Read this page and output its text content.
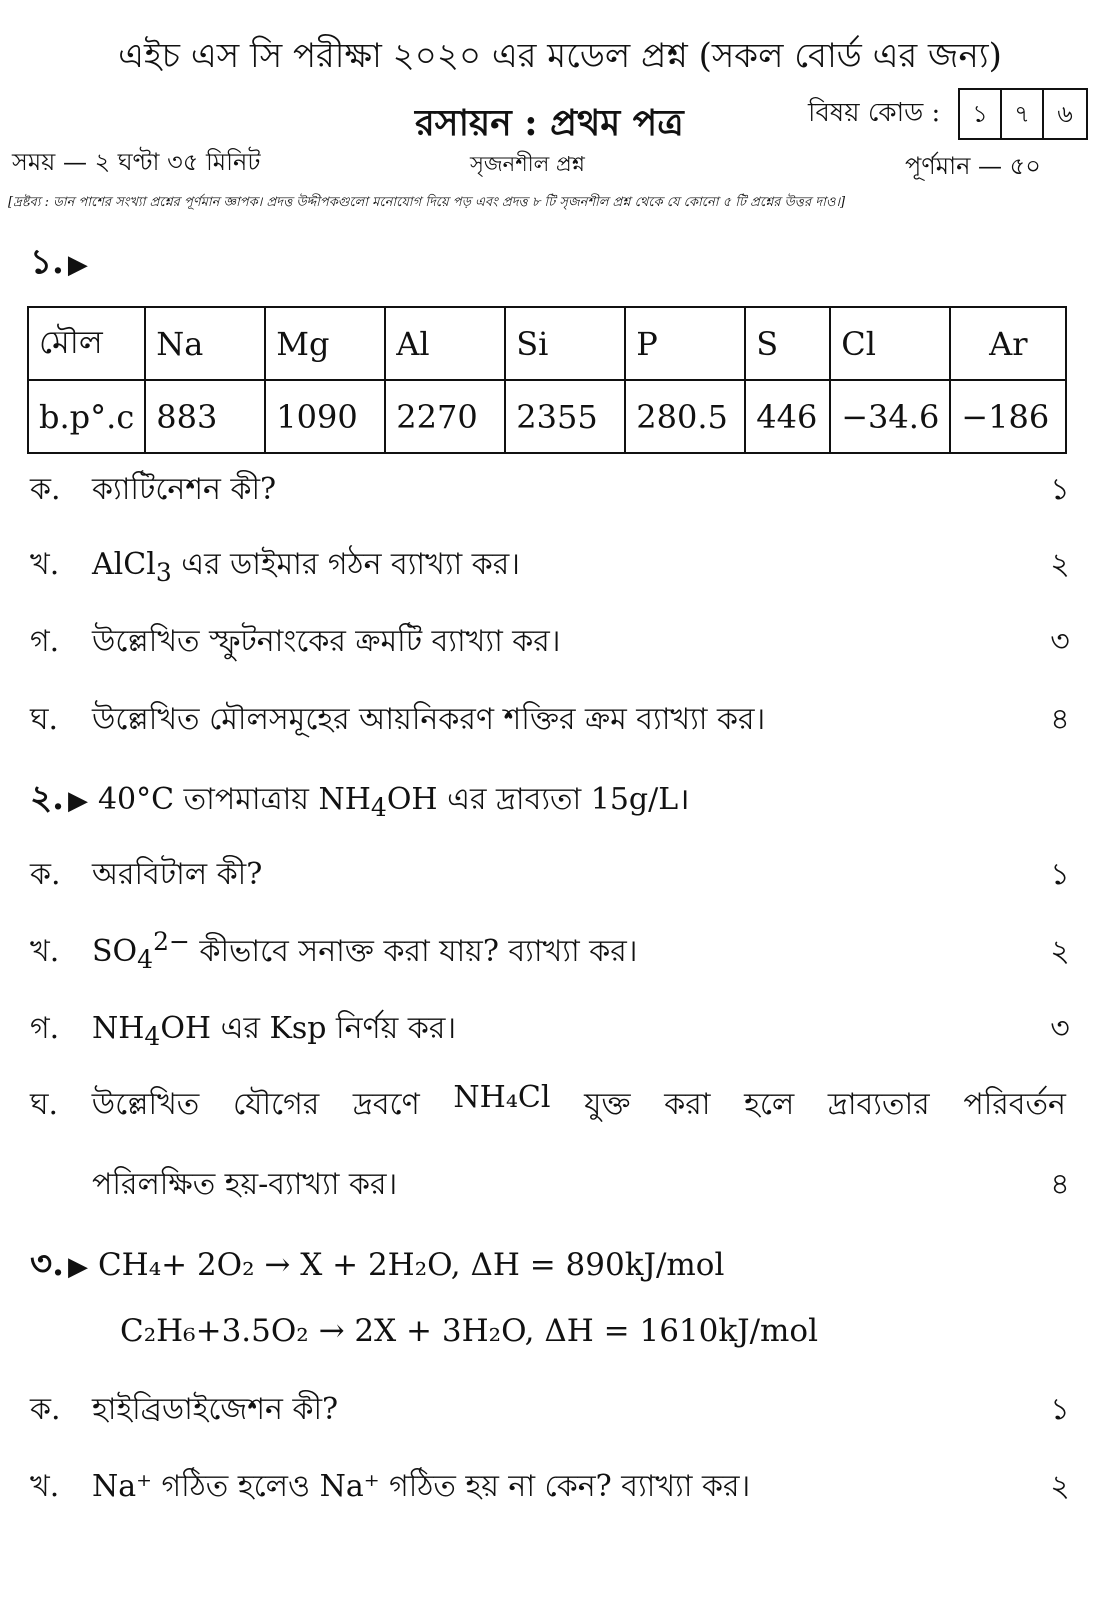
এইচ এস সি পরীক্ষা ২০২০ এর মডেল প্রশ্ন (সকল বোর্ড এর জন্য)
রসায়ন : প্রথম পত্র	বিষয় কোড :	১	৭	৬
সময় — ২ ঘণ্টা ৩৫ মিনিট	সৃজনশীল প্রশ্ন	পূর্ণমান — ৫০
[দ্রষ্টব্য : ডান পাশের সংখ্যা প্রশ্নের পূর্ণমান জ্ঞাপক। প্রদত্ত উদ্দীপকগুলো মনোযোগ দিয়ে পড় এবং প্রদত্ত ৮ টি সৃজনশীল প্রশ্ন থেকে যে কোনো ৫ টি প্রশ্নের উত্তর দাও।]
১. ▶
মৌল	Na	Mg	Al	Si	P	S	Cl	Ar
b.p°.c	883	1090	2270	2355	280.5	446	−34.6	−186
ক. ক্যাটিনেশন কী?	১
খ. AlCl$_3$ এর ডাইমার গঠন ব্যাখ্যা কর।	২
গ. উল্লেখিত স্ফুটনাংকের ক্রমটি ব্যাখ্যা কর।	৩
ঘ. উল্লেখিত মৌলসমূহের আয়নিকরণ শক্তির ক্রম ব্যাখ্যা কর।	৪
২. ▶ 40°C তাপমাত্রায় $NH_4OH$ এর দ্রাব্যতা 15g/L।
ক. অরবিটাল কী?	১
খ. $SO_4^{2-}$ কীভাবে সনাক্ত করা যায়? ব্যাখ্যা কর।	২
গ. $NH_4OH$ এর Ksp নির্ণয় কর।	৩
ঘ. উল্লেখিত যৌগের দ্রবণে NH₄Cl যুক্ত করা হলে দ্রাব্যতার পরিবর্তন
পরিলক্ষিত হয়-ব্যাখ্যা কর।	৪
৩. ▶ CH₄+ 2O₂ → X + 2H₂O, ΔH = 890kJ/mol
C₂H₆+3.5O₂ → 2X + 3H₂O, ΔH = 1610kJ/mol
ক. হাইব্রিডাইজেশন কী?	১
খ. Na⁺ গঠিত হলেও Na⁺ গঠিত হয় না কেন? ব্যাখ্যা কর।	২
